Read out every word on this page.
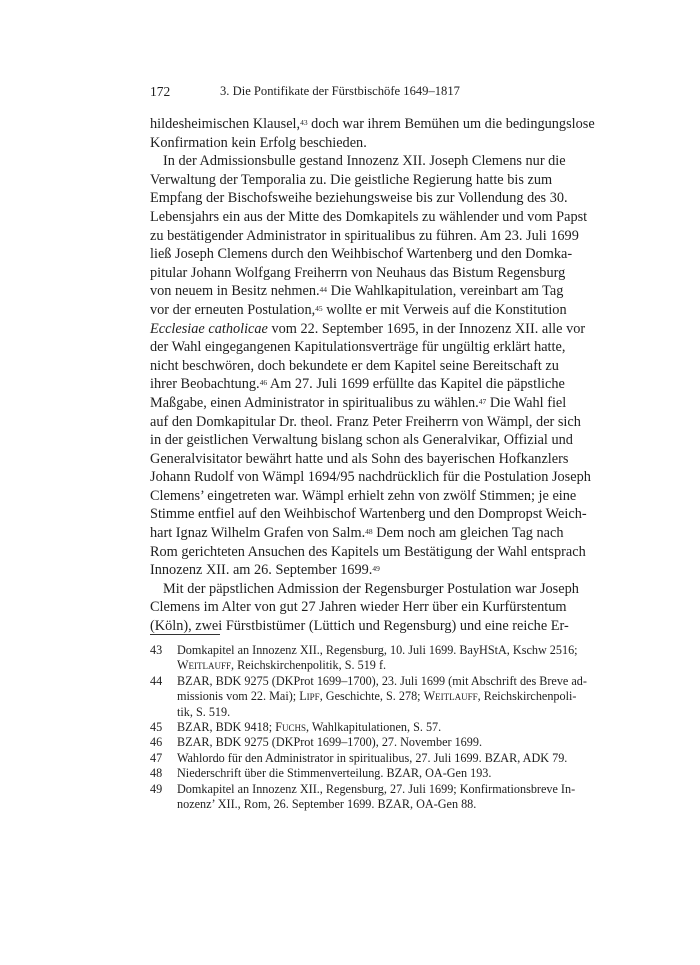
172	3. Die Pontifikate der Fürstbischöfe 1649–1817
hildesheimischen Klausel,$^{43}$ doch war ihrem Bemühen um die bedingungslose
Konfirmation kein Erfolg beschieden.
In der Admissionsbulle gestand Innozenz XII. Joseph Clemens nur die
Verwaltung der Temporalia zu. Die geistliche Regierung hatte bis zum
Empfang der Bischofsweihe beziehungsweise bis zur Vollendung des 30.
Lebensjahrs ein aus der Mitte des Domkapitels zu wählender und vom Papst
zu bestätigender Administrator in spiritualibus zu führen. Am 23. Juli 1699
ließ Joseph Clemens durch den Weihbischof Wartenberg und den Domka-
pitular Johann Wolfgang Freiherrn von Neuhaus das Bistum Regensburg
von neuem in Besitz nehmen.$^{44}$ Die Wahlkapitulation, vereinbart am Tag
vor der erneuten Postulation,$^{45}$ wollte er mit Verweis auf die Konstitution
Ecclesiae catholicae vom 22. September 1695, in der Innozenz XII. alle vor
der Wahl eingegangenen Kapitulationsverträge für ungültig erklärt hatte,
nicht beschwören, doch bekundete er dem Kapitel seine Bereitschaft zu
ihrer Beobachtung.$^{46}$ Am 27. Juli 1699 erfüllte das Kapitel die päpstliche
Maßgabe, einen Administrator in spiritualibus zu wählen.$^{47}$ Die Wahl fiel
auf den Domkapitular Dr. theol. Franz Peter Freiherrn von Wämpl, der sich
in der geistlichen Verwaltung bislang schon als Generalvikar, Offizial und
Generalvisitator bewährt hatte und als Sohn des bayerischen Hofkanzlers
Johann Rudolf von Wämpl 1694/95 nachdrücklich für die Postulation Joseph
Clemens’ eingetreten war. Wämpl erhielt zehn von zwölf Stimmen; je eine
Stimme entfiel auf den Weihbischof Wartenberg und den Dompropst Weich-
hart Ignaz Wilhelm Grafen von Salm.$^{48}$ Dem noch am gleichen Tag nach
Rom gerichteten Ansuchen des Kapitels um Bestätigung der Wahl entsprach
Innozenz XII. am 26. September 1699.49
Mit der päpstlichen Admission der Regensburger Postulation war Joseph
Clemens im Alter von gut 27 Jahren wieder Herr über ein Kurfürstentum
(Köln), zwei Fürstbistümer (Lüttich und Regensburg) und eine reiche Er-
43 Domkapitel an Innozenz XII., Regensburg, 10. Juli 1699. BayHStA, Kschw 2516;
Weitlauff, Reichskirchenpolitik, S. 519 f.
44 BZAR, BDK 9275 (DKProt 1699–1700), 23. Juli 1699 (mit Abschrift des Breve ad-
missionis vom 22. Mai); Lipf, Geschichte, S. 278; Weitlauff, Reichskirchenpoli-
tik, S. 519.
45 BZAR, BDK 9418; Fuchs, Wahlkapitulationen, S. 57.
46 BZAR, BDK 9275 (DKProt 1699–1700), 27. November 1699.
47 Wahlordo für den Administrator in spiritualibus, 27. Juli 1699. BZAR, ADK 79.
48 Niederschrift über die Stimmenverteilung. BZAR, OA-Gen 193.
49 Domkapitel an Innozenz XII., Regensburg, 27. Juli 1699; Konfirmationsbreve In-
nozenz’ XII., Rom, 26. September 1699. BZAR, OA-Gen 88.
